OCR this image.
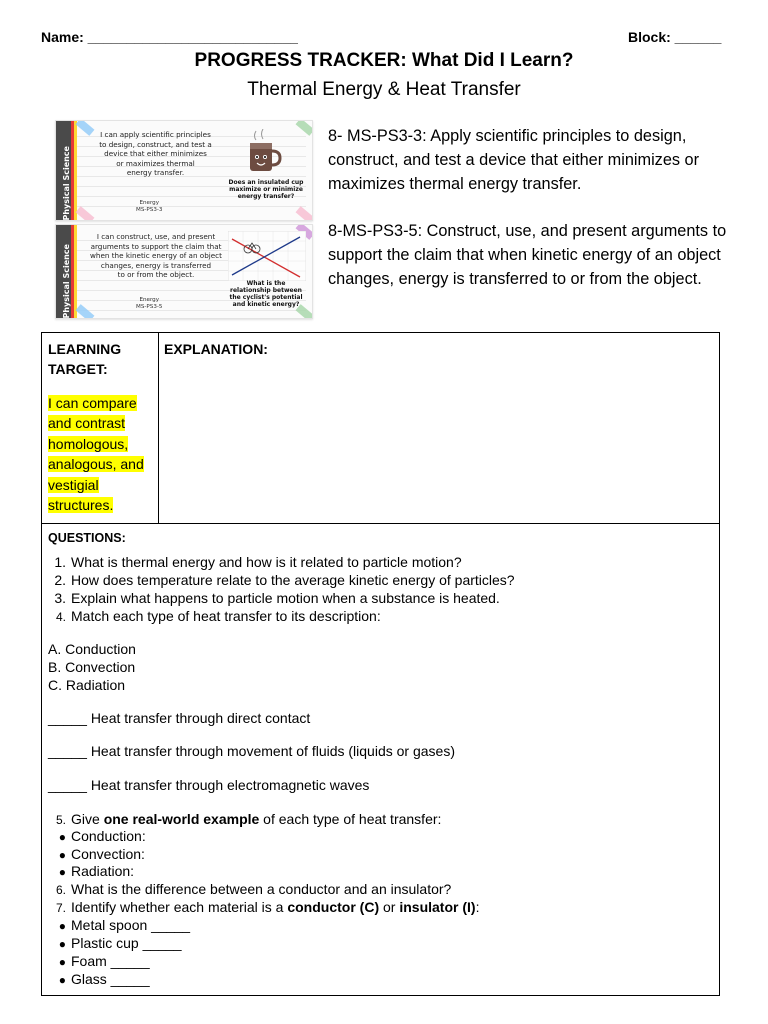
Name: ___________________________	Block: ______
PROGRESS TRACKER: What Did I Learn?
Thermal Energy & Heat Transfer
Physical Science
I can apply scientific principles
to design, construct, and test a
device that either minimizes
or maximizes thermal
energy transfer.
Energy
MS-PS3-3
Does an insulated cup
maximize or minimize
energy transfer?
Physical Science
I can construct, use, and present
arguments to support the claim that
when the kinetic energy of an object
changes, energy is transferred
to or from the object.
Energy
MS-PS3-5
What is the
relationship between
the cyclist's potential
and kinetic energy?
8- MS-PS3-3: Apply scientific principles to design, construct, and test a device that either minimizes or maximizes thermal energy transfer.
8-MS-PS3-5: Construct, use, and present arguments to support the claim that when kinetic energy of an object changes, energy is transferred to or from the object.
LEARNING TARGET:
EXPLANATION:
I can compare
and contrast
homologous,
analogous, and
vestigial
structures.
QUESTIONS:
1. What is thermal energy and how is it related to particle motion?
2. How does temperature relate to the average kinetic energy of particles?
3. Explain what happens to particle motion when a substance is heated.
4. Match each type of heat transfer to its description:
A. Conduction
B. Convection
C. Radiation
_____ Heat transfer through direct contact
_____ Heat transfer through movement of fluids (liquids or gases)
_____ Heat transfer through electromagnetic waves
5. Give one real-world example of each type of heat transfer:
● Conduction:
● Convection:
● Radiation:
6. What is the difference between a conductor and an insulator?
7. Identify whether each material is a conductor (C) or insulator (I):
● Metal spoon _____
● Plastic cup _____
● Foam _____
● Glass _____
